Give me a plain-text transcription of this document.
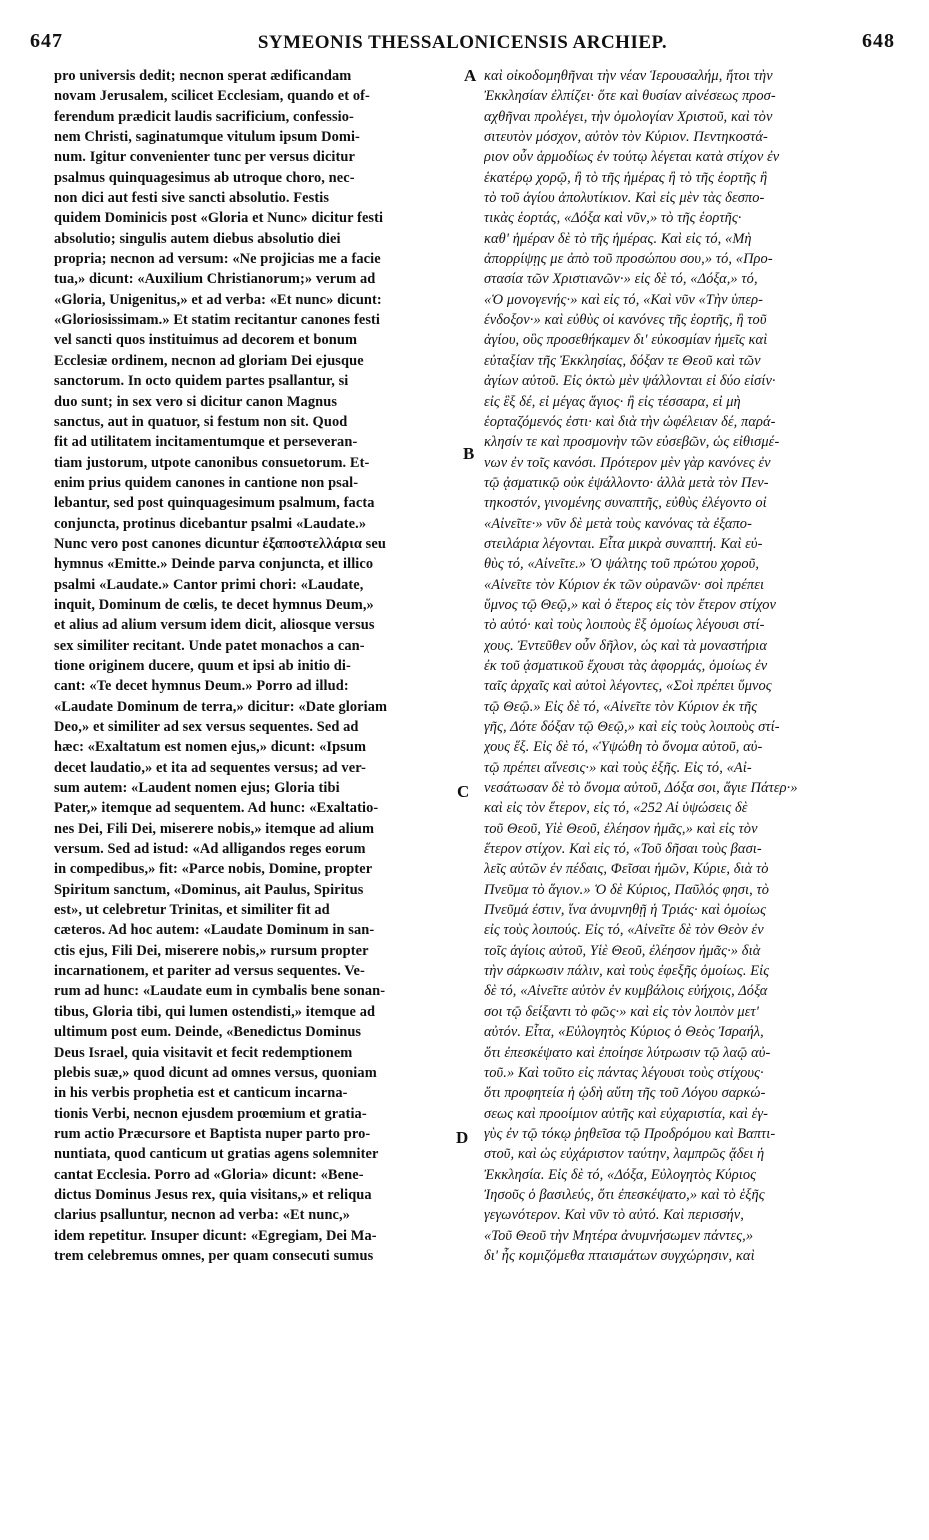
647	SYMEONIS THESSALONICENSIS ARCHIEP.	648
pro universis dedit; necnon sperat ædificandam
novam Jerusalem, scilicet Ecclesiam, quando et of-
ferendum prædicit laudis sacrificium, confessio-
nem Christi, saginatumque vitulum ipsum Domi-
num. Igitur convenienter tunc per versus dicitur
psalmus quinquagesimus ab utroque choro, nec-
non dici aut festi sive sancti absolutio. Festis
quidem Dominicis post «Gloria et Nunc» dicitur festi
absolutio; singulis autem diebus absolutio diei
propria; necnon ad versum: «Ne projicias me a facie
tua,» dicunt: «Auxilium Christianorum;» verum ad
«Gloria, Unigenitus,» et ad verba: «Et nunc» dicunt:
«Gloriosissimam.» Et statim recitantur canones festi
vel sancti quos instituimus ad decorem et bonum
Ecclesiæ ordinem, necnon ad gloriam Dei ejusque
sanctorum. In octo quidem partes psallantur, si
duo sunt; in sex vero si dicitur canon Magnus
sanctus, aut in quatuor, si festum non sit. Quod
fit ad utilitatem incitamentumque et perseveran-
tiam justorum, utpote canonibus consuetorum. Et-
enim prius quidem canones in cantione non psal-
lebantur, sed post quinquagesimum psalmum, facta
conjuncta, protinus dicebantur psalmi «Laudate.»
Nunc vero post canones dicuntur ἐξαποστελλάρια seu
hymnus «Emitte.» Deinde parva conjuncta, et illico
psalmi «Laudate.» Cantor primi chori: «Laudate,
inquit, Dominum de cœlis, te decet hymnus Deum,»
et alius ad alium versum idem dicit, aliosque versus
sex similiter recitant. Unde patet monachos a can-
tione originem ducere, quum et ipsi ab initio di-
cant: «Te decet hymnus Deum.» Porro ad illud:
«Laudate Dominum de terra,» dicitur: «Date gloriam
Deo,» et similiter ad sex versus sequentes. Sed ad
hæc: «Exaltatum est nomen ejus,» dicunt: «Ipsum
decet laudatio,» et ita ad sequentes versus; ad ver-
sum autem: «Laudent nomen ejus; Gloria tibi
Pater,» itemque ad sequentem. Ad hunc: «Exaltatio-
nes Dei, Fili Dei, miserere nobis,» itemque ad alium
versum. Sed ad istud: «Ad alligandos reges eorum
in compedibus,» fit: «Parce nobis, Domine, propter
Spiritum sanctum, «Dominus, ait Paulus, Spiritus
est», ut celebretur Trinitas, et similiter fit ad
cæteros. Ad hoc autem: «Laudate Dominum in san-
ctis ejus, Fili Dei, miserere nobis,» rursum propter
incarnationem, et pariter ad versus sequentes. Ve-
rum ad hunc: «Laudate eum in cymbalis bene sonan-
tibus, Gloria tibi, qui lumen ostendisti,» itemque ad
ultimum post eum. Deinde, «Benedictus Dominus
Deus Israel, quia visitavit et fecit redemptionem
plebis suæ,» quod dicunt ad omnes versus, quoniam
in his verbis prophetia est et canticum incarna-
tionis Verbi, necnon ejusdem proœmium et gratia-
rum actio Præcursore et Baptista nuper parto pro-
nuntiata, quod canticum ut gratias agens solemniter
cantat Ecclesia. Porro ad «Gloria» dicunt: «Bene-
dictus Dominus Jesus rex, quia visitans,» et reliqua
clarius psalluntur, necnon ad verba: «Et nunc,»
idem repetitur. Insuper dicunt: «Egregiam, Dei Ma-
trem celebremus omnes, per quam consecuti sumus
A
B
C
D
καὶ οἰκοδομηθῆναι τὴν νέαν Ἱερουσαλήμ, ἤτοι τὴν
Ἐκκλησίαν ἐλπίζει· ὅτε καὶ θυσίαν αἰνέσεως προσ-
αχθῆναι προλέγει, τὴν ὁμολογίαν Χριστοῦ, καὶ τὸν
σιτευτὸν μόσχον, αὐτὸν τὸν Κύριον. Πεντηκοστά-
ριον οὖν ἁρμοδίως ἐν τούτῳ λέγεται κατὰ στίχον ἐν
ἑκατέρῳ χορῷ, ἢ τὸ τῆς ἡμέρας ἢ τὸ τῆς ἑορτῆς ἢ
τὸ τοῦ ἁγίου ἀπολυτίκιον. Καὶ εἰς μὲν τὰς δεσπο-
τικὰς ἑορτάς, «Δόξα καὶ νῦν,» τὸ τῆς ἑορτῆς·
καθ' ἡμέραν δὲ τὸ τῆς ἡμέρας. Καὶ εἰς τό, «Μὴ
ἀπορρίψῃς με ἀπὸ τοῦ προσώπου σου,» τό, «Προ-
στασία τῶν Χριστιανῶν·» εἰς δὲ τό, «Δόξα,» τό,
«Ὁ μονογενής·» καὶ εἰς τό, «Καὶ νῦν «Τὴν ὑπερ-
ένδοξον·» καὶ εὐθὺς οἱ κανόνες τῆς ἑορτῆς, ἢ τοῦ
ἁγίου, οὓς προσεθήκαμεν δι' εὐκοσμίαν ἡμεῖς καὶ
εὐταξίαν τῆς Ἐκκλησίας, δόξαν τε Θεοῦ καὶ τῶν
ἁγίων αὐτοῦ. Εἰς ὀκτὼ μὲν ψάλλονται εἰ δύο εἰσίν·
εἰς ἓξ δέ, εἰ μέγας ἅγιος· ἢ εἰς τέσσαρα, εἰ μὴ
ἑορταζόμενός ἐστι· καὶ διὰ τὴν ὠφέλειαν δέ, παρά-
κλησίν τε καὶ προσμονὴν τῶν εὐσεβῶν, ὡς εἰθισμέ-
νων ἐν τοῖς κανόσι. Πρότερον μὲν γὰρ κανόνες ἐν
τῷ ᾀσματικῷ οὐκ ἐψάλλοντο· ἀλλὰ μετὰ τὸν Πεν-
τηκοστόν, γινομένης συναπτῆς, εὐθὺς ἐλέγοντο οἱ
«Αἰνεῖτε·» νῦν δὲ μετὰ τοὺς κανόνας τὰ ἐξαπο-
στειλάρια λέγονται. Εἶτα μικρὰ συναπτή. Καὶ εὐ-
θὺς τό, «Αἰνεῖτε.» Ὁ ψάλτης τοῦ πρώτου χοροῦ,
«Αἰνεῖτε τὸν Κύριον ἐκ τῶν οὐρανῶν· σοὶ πρέπει
ὕμνος τῷ Θεῷ,» καὶ ὁ ἕτερος εἰς τὸν ἕτερον στίχον
τὸ αὐτό· καὶ τοὺς λοιποὺς ἓξ ὁμοίως λέγουσι στί-
χους. Ἐντεῦθεν οὖν δῆλον, ὡς καὶ τὰ μοναστήρια
ἐκ τοῦ ᾀσματικοῦ ἔχουσι τὰς ἀφορμάς, ὁμοίως ἐν
ταῖς ἀρχαῖς καὶ αὐτοὶ λέγοντες, «Σοὶ πρέπει ὕμνος
τῷ Θεῷ.» Εἰς δὲ τό, «Αἰνεῖτε τὸν Κύριον ἐκ τῆς
γῆς, Δότε δόξαν τῷ Θεῷ,» καὶ εἰς τοὺς λοιποὺς στί-
χους ἕξ. Εἰς δὲ τό, «Ὑψώθη τὸ ὄνομα αὐτοῦ, αὐ-
τῷ πρέπει αἴνεσις·» καὶ τοὺς ἑξῆς. Εἰς τό, «Αἰ-
νεσάτωσαν δὲ τὸ ὄνομα αὐτοῦ, Δόξα σοι, ἅγιε Πάτερ·»
καὶ εἰς τὸν ἕτερον, εἰς τό, «252 Αἱ ὑψώσεις δὲ
τοῦ Θεοῦ, Υἱὲ Θεοῦ, ἐλέησον ἡμᾶς,» καὶ εἰς τὸν
ἕτερον στίχον. Καὶ εἰς τό, «Τοῦ δῆσαι τοὺς βασι-
λεῖς αὐτῶν ἐν πέδαις, Φεῖσαι ἡμῶν, Κύριε, διὰ τὸ
Πνεῦμα τὸ ἅγιον.» Ὁ δὲ Κύριος, Παῦλός φησι, τὸ
Πνεῦμά ἐστιν, ἵνα ἀνυμνηθῇ ἡ Τριάς· καὶ ὁμοίως
εἰς τοὺς λοιπούς. Εἰς τό, «Αἰνεῖτε δὲ τὸν Θεὸν ἐν
τοῖς ἁγίοις αὐτοῦ, Υἱὲ Θεοῦ, ἐλέησον ἡμᾶς·» διὰ
τὴν σάρκωσιν πάλιν, καὶ τοὺς ἐφεξῆς ὁμοίως. Εἰς
δὲ τό, «Αἰνεῖτε αὐτὸν ἐν κυμβάλοις εὐήχοις, Δόξα
σοι τῷ δείξαντι τὸ φῶς·» καὶ εἰς τὸν λοιπὸν μετ'
αὐτόν. Εἶτα, «Εὐλογητὸς Κύριος ὁ Θεὸς Ἰσραήλ,
ὅτι ἐπεσκέψατο καὶ ἐποίησε λύτρωσιν τῷ λαῷ αὐ-
τοῦ.» Καὶ τοῦτο εἰς πάντας λέγουσι τοὺς στίχους·
ὅτι προφητεία ἡ ᾠδὴ αὕτη τῆς τοῦ Λόγου σαρκώ-
σεως καὶ προοίμιον αὐτῆς καὶ εὐχαριστία, καὶ ἐγ-
γὺς ἐν τῷ τόκῳ ῥηθεῖσα τῷ Προδρόμου καὶ Βαπτι-
στοῦ, καὶ ὡς εὐχάριστον ταύτην, λαμπρῶς ᾄδει ἡ
Ἐκκλησία. Εἰς δὲ τό, «Δόξα, Εὐλογητὸς Κύριος
Ἰησοῦς ὁ βασιλεύς, ὅτι ἐπεσκέψατο,» καὶ τὸ ἑξῆς
γεγωνότερον. Καὶ νῦν τὸ αὐτό. Καὶ περισσήν,
«Τοῦ Θεοῦ τὴν Μητέρα ἀνυμνήσωμεν πάντες,»
δι' ἧς κομιζόμεθα πταισμάτων συγχώρησιν, καὶ
